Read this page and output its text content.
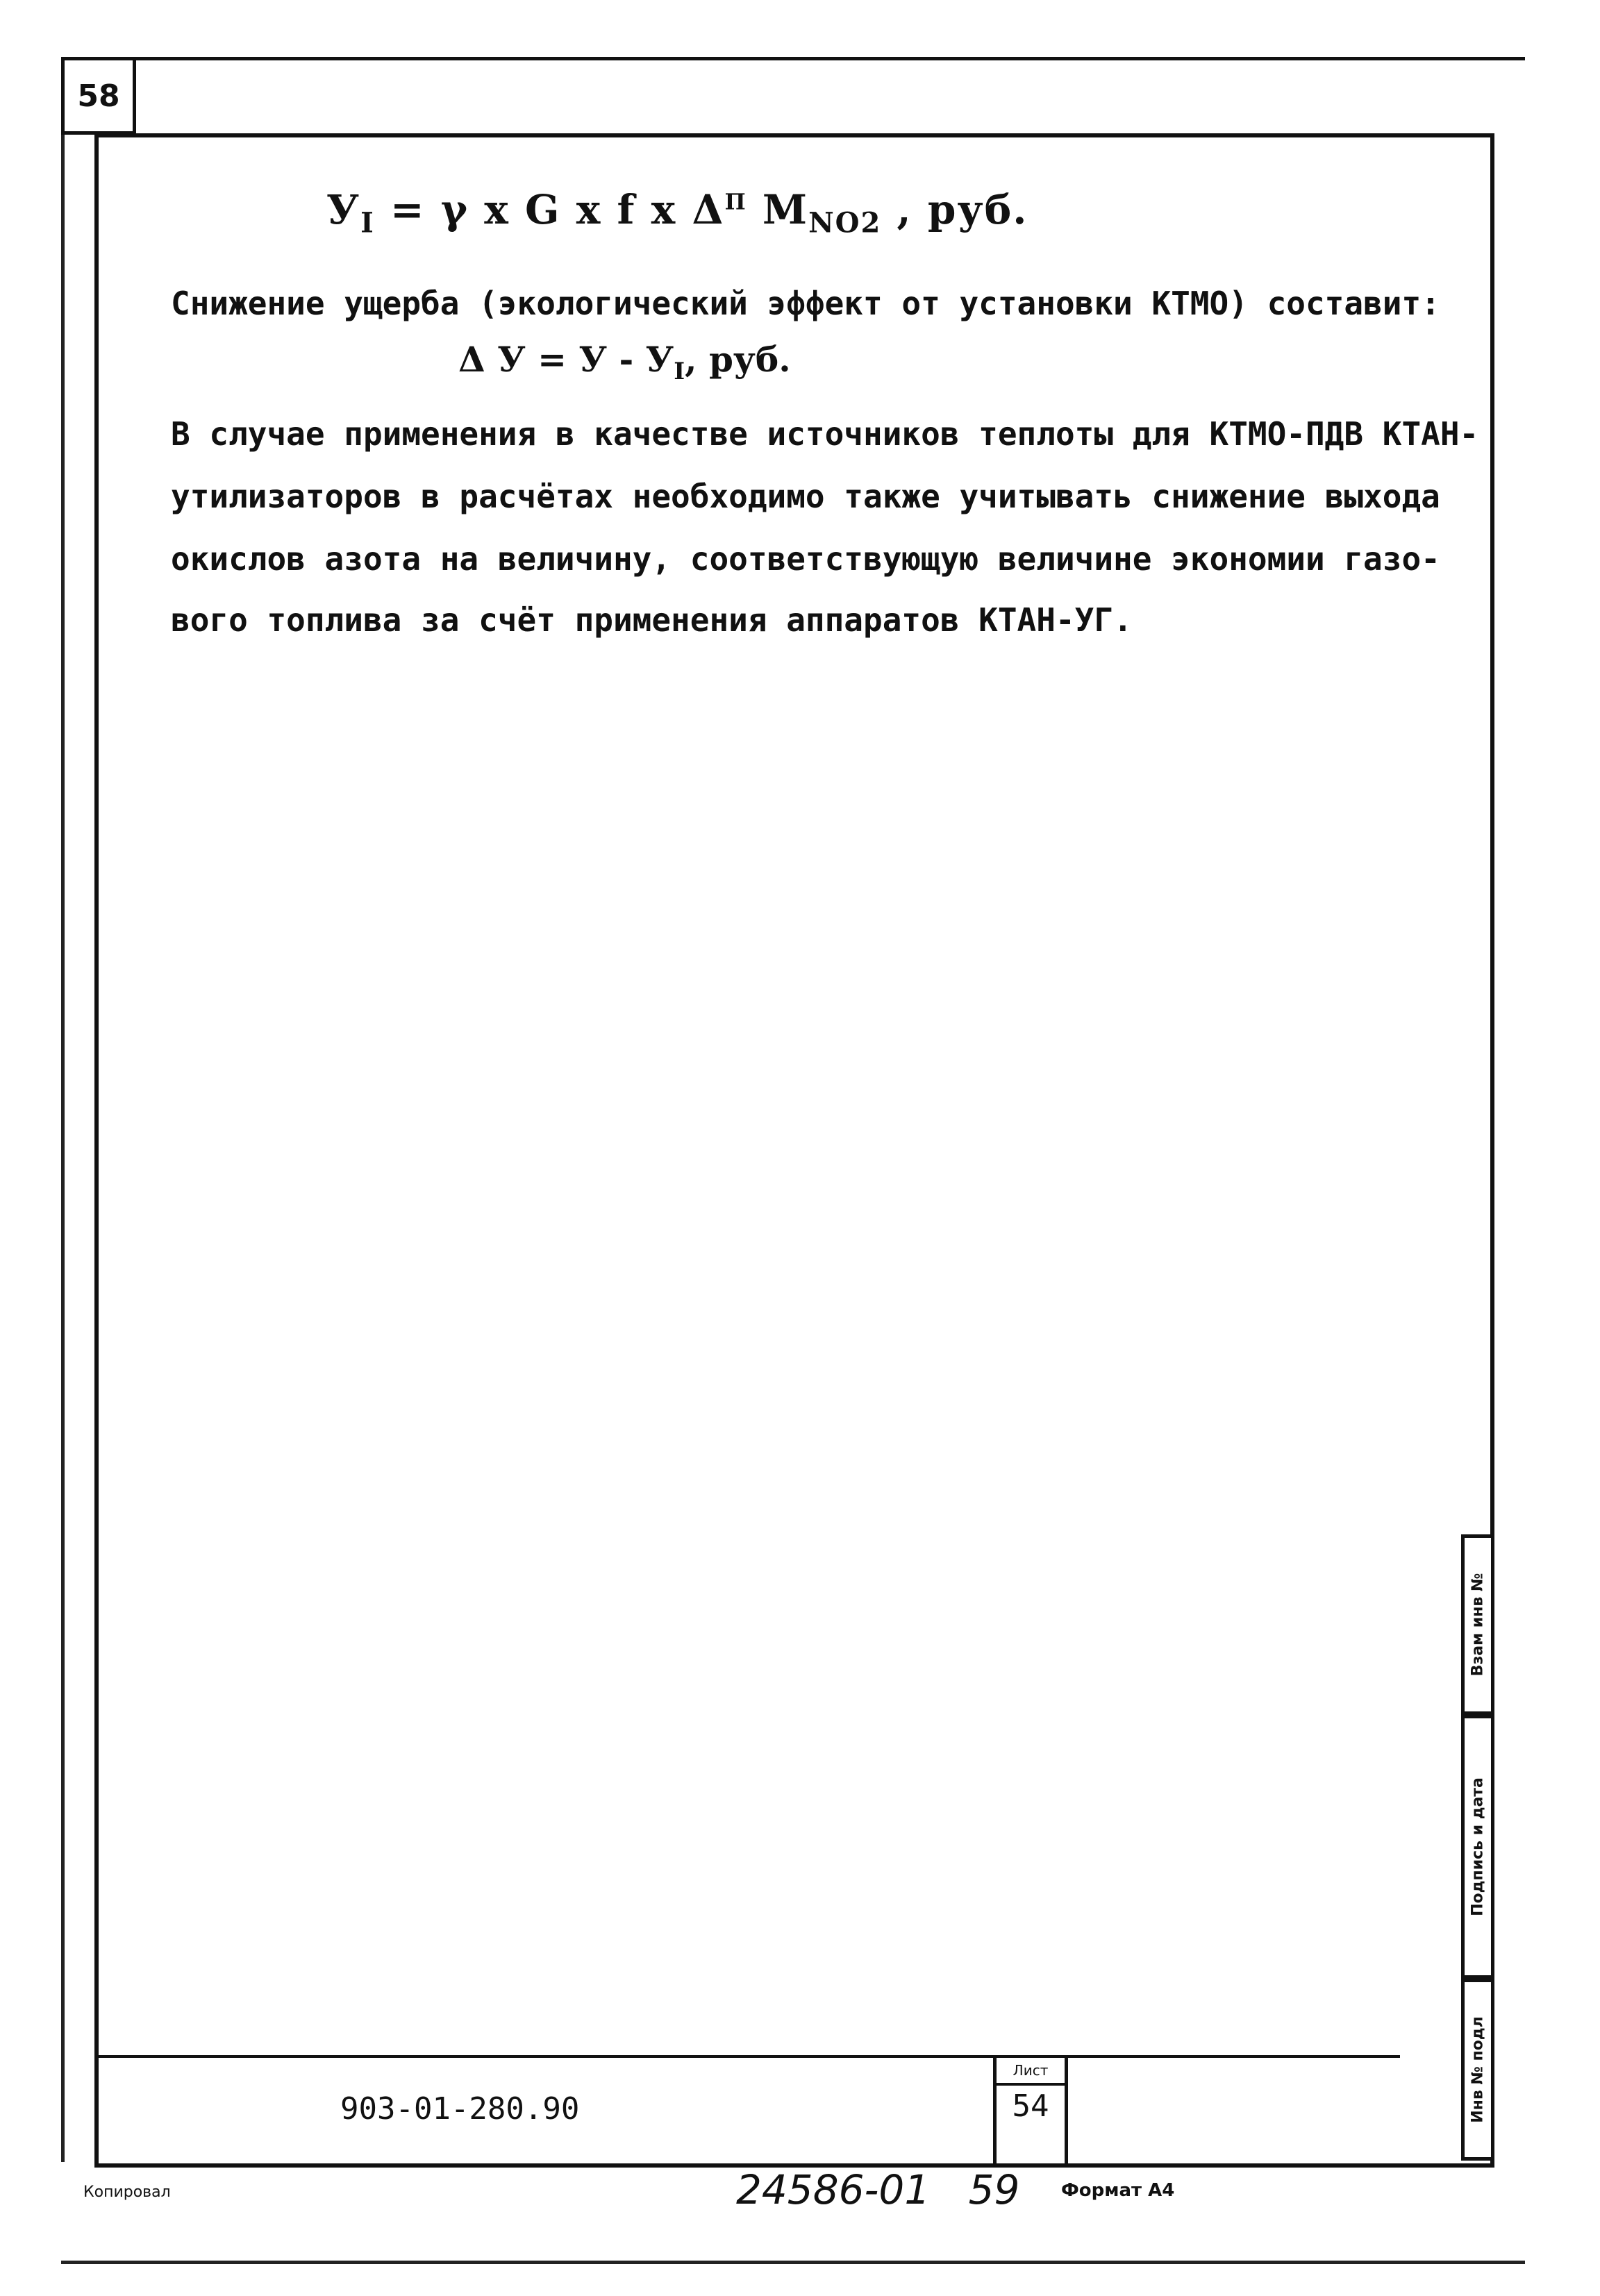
58
$У_I = \gamma$ x G x f x $\Delta^П$ $M_{NO2}$ , руб.
Снижение ущерба (экологический эффект от установки КТМО) составит:
Δ $У = У - У_I$, руб.
В случае применения в качестве источников теплоты для КТМО-ПДВ КТАН-
утилизаторов в расчётах необходимо также учитывать снижение выхода
окислов азота на величину, соответствующую величине экономии газо-
вого топлива за счёт применения аппаратов КТАН-УГ.
Взам инв №
Подпись и дата
Инв № подл
903-01-280.90
Лист
54
Копировал	24586-01 59 Формат А4
